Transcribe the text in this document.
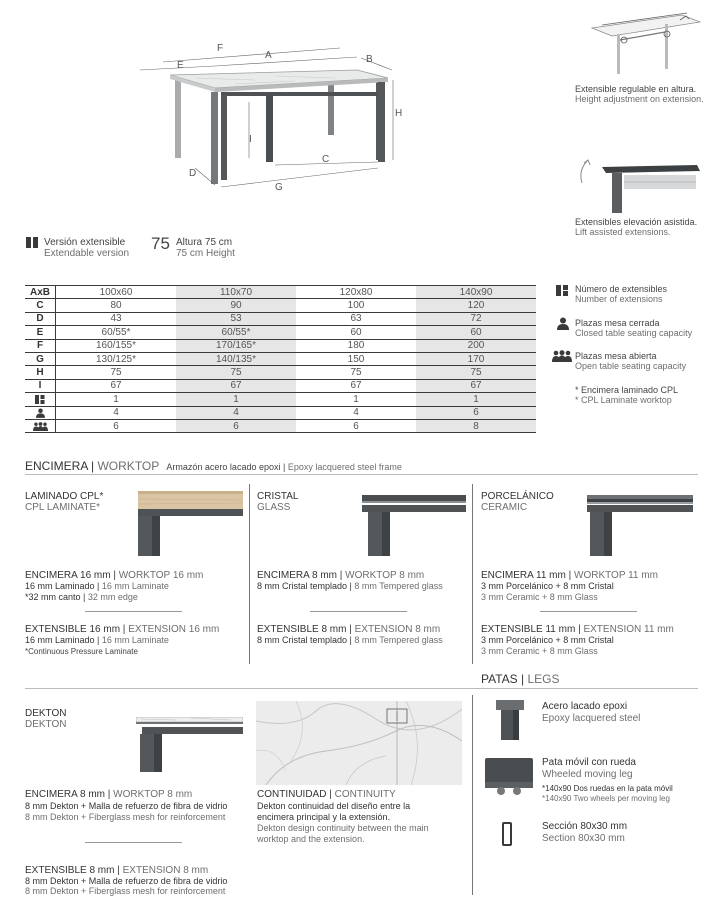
F
A
E
B
H
I
D
C
G
Extensible regulable en altura.
Height adjustment on extension.
Extensibles elevación asistida.
Lift assisted extensions.
Versión extensible
Extendable version
75 Altura 75 cm
75 cm Height
AxB	100x60	110x70	120x80	140x90
C	80	90	100	120
D	43	53	63	72
E	60/55*	60/55*	60	60
F	160/155*	170/165*	180	200
G	130/125*	140/135*	150	170
H	75	75	75	75
I	67	67	67	67
	1	1	1	1
	4	4	4	6
	6	6	6	8
Número de extensibles
Number of extensions
Plazas mesa cerrada
Closed table seating capacity
Plazas mesa abierta
Open table seating capacity
* Encimera laminado CPL
* CPL Laminate worktop
ENCIMERA | WORKTOP Armazón acero lacado epoxi | Epoxy lacquered steel frame
LAMINADO CPL*
CPL LAMINATE*
ENCIMERA 16 mm | WORKTOP 16 mm
16 mm Laminado | 16 mm Laminate
*32 mm canto | 32 mm edge
EXTENSIBLE 16 mm | EXTENSION 16 mm
16 mm Laminado | 16 mm Laminate
*Continuous Pressure Laminate
CRISTAL
GLASS
ENCIMERA 8 mm | WORKTOP 8 mm
8 mm Cristal templado | 8 mm Tempered glass
EXTENSIBLE 8 mm | EXTENSION 8 mm
8 mm Cristal templado | 8 mm Tempered glass
PORCELÁNICO
CERAMIC
ENCIMERA 11 mm | WORKTOP 11 mm
3 mm Porcelánico + 8 mm Cristal
3 mm Ceramic + 8 mm Glass
EXTENSIBLE 11 mm | EXTENSION 11 mm
3 mm Porcelánico + 8 mm Cristal
3 mm Ceramic + 8 mm Glass
PATAS | LEGS
DEKTON
DEKTON
ENCIMERA 8 mm | WORKTOP 8 mm
8 mm Dekton + Malla de refuerzo de fibra de vidrio
8 mm Dekton + Fiberglass mesh for reinforcement
EXTENSIBLE 8 mm | EXTENSION 8 mm
8 mm Dekton + Malla de refuerzo de fibra de vidrio
8 mm Dekton + Fiberglass mesh for reinforcement
CONTINUIDAD | CONTINUITY
Dekton continuidad del diseño entre la
encimera principal y la extensión.
Dekton design continuity between the main
worktop and the extension.
Acero lacado epoxi
Epoxy lacquered steel
Pata móvil con rueda
Wheeled moving leg
*140x90 Dos ruedas en la pata móvil
*140x90 Two wheels per moving leg
Sección 80x30 mm
Section 80x30 mm
